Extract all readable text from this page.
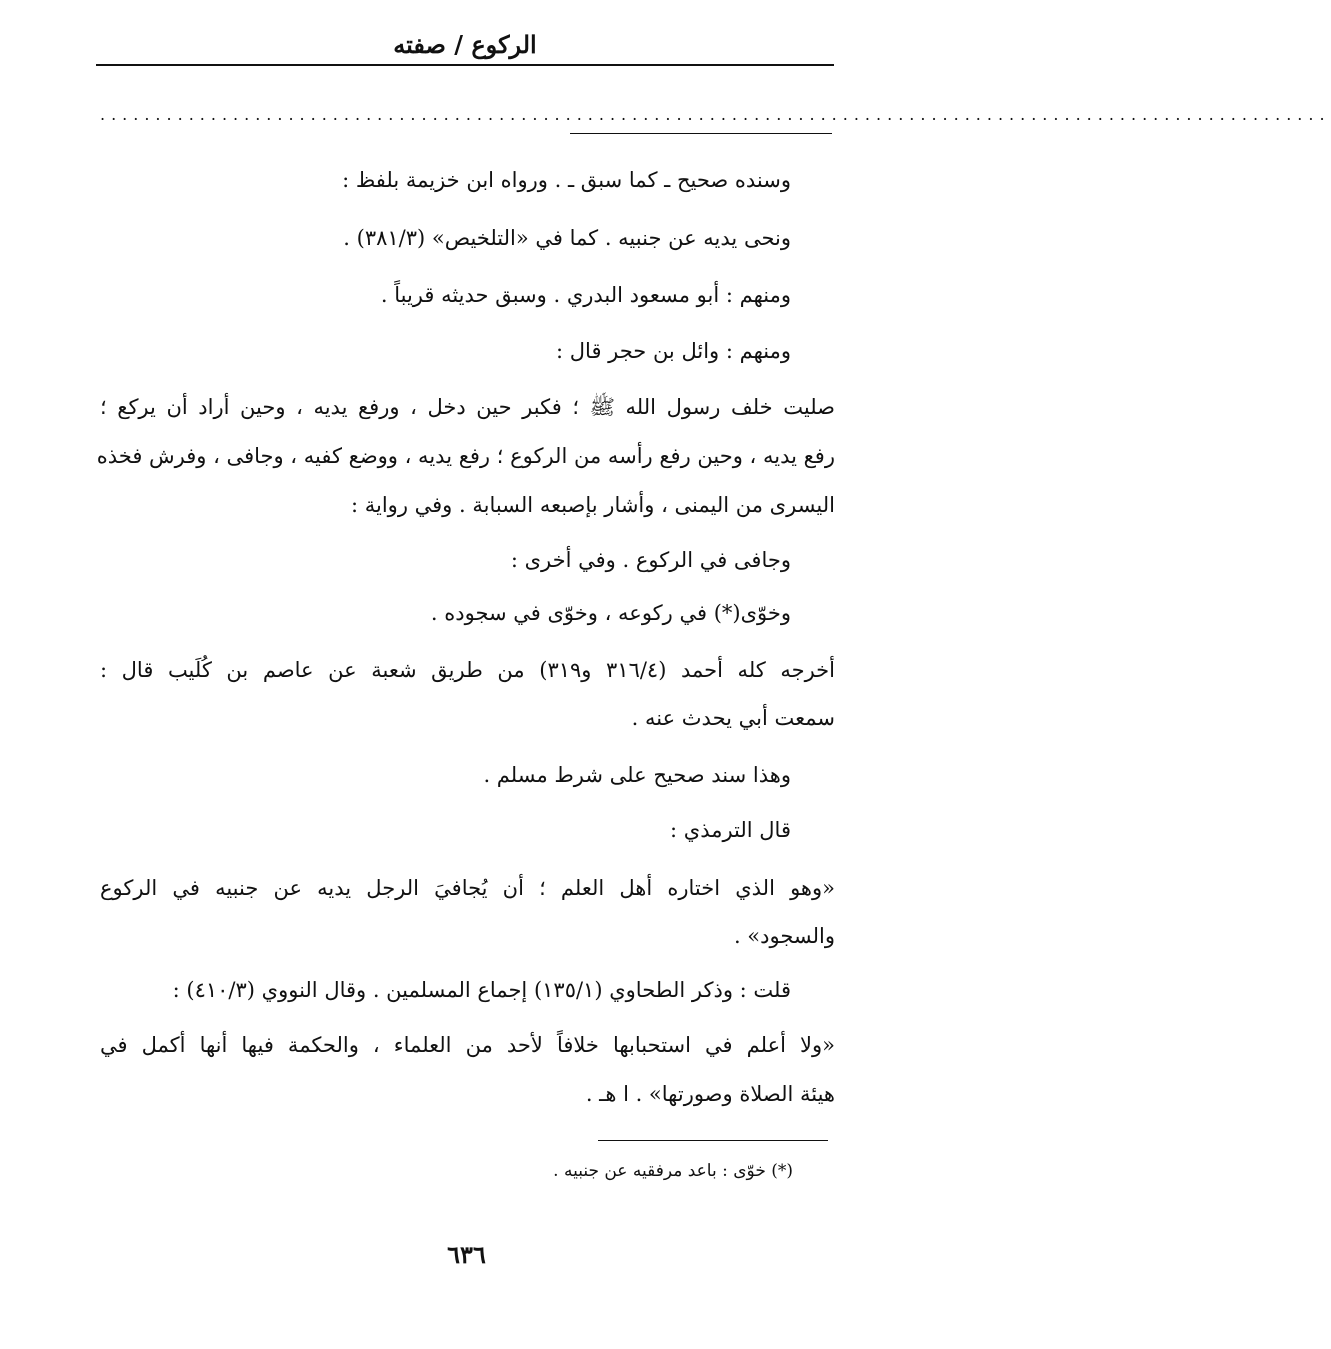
الركوع / صفته
...............................................................................................................
وسنده صحيح ـ كما سبق ـ . ورواه ابن خزيمة بلفظ :
ونحى يديه عن جنبيه . كما في «التلخيص» (٣٨١/٣) .
ومنهم : أبو مسعود البدري . وسبق حديثه قريباً .
ومنهم : وائل بن حجر قال :
صليت خلف رسول الله ﷺ ؛ فكبر حين دخل ، ورفع يديه ، وحين أراد أن يركع ؛
رفع يديه ، وحين رفع رأسه من الركوع ؛ رفع يديه ، ووضع كفيه ، وجافى ، وفرش فخذه
اليسرى من اليمنى ، وأشار بإصبعه السبابة . وفي رواية :
وجافى في الركوع . وفي أخرى :
وخوّى(*) في ركوعه ، وخوّى في سجوده .
أخرجه كله أحمد (٣١٦/٤ و٣١٩) من طريق شعبة عن عاصم بن كُلَيب قال :
سمعت أبي يحدث عنه .
وهذا سند صحيح على شرط مسلم .
قال الترمذي :
«وهو الذي اختاره أهل العلم ؛ أن يُجافيَ الرجل يديه عن جنبيه في الركوع
والسجود» .
قلت : وذكر الطحاوي (١٣٥/١) إجماع المسلمين . وقال النووي (٤١٠/٣) :
«ولا أعلم في استحبابها خلافاً لأحد من العلماء ، والحكمة فيها أنها أكمل في
هيئة الصلاة وصورتها» . ا هـ .
(*) خوّى : باعد مرفقيه عن جنبيه .
٦٣٦
